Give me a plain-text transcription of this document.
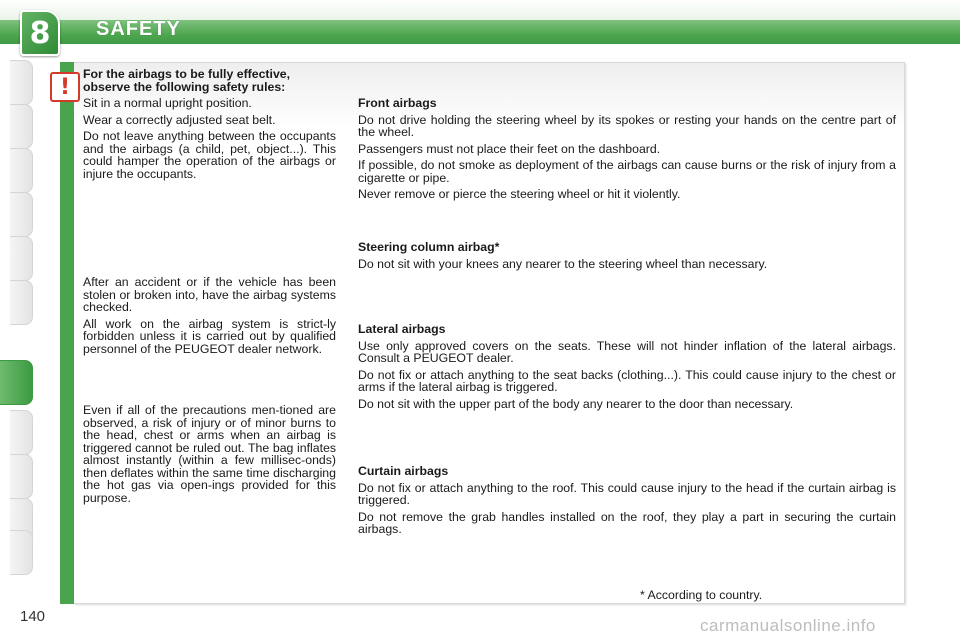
8	SAFETY
!

For the airbags to be fully effective, observe the following safety rules:

Sit in a normal upright position.

Wear a correctly adjusted seat belt.

Do not leave anything between the occupants and the airbags (a child, pet, object...). This could hamper the operation of the airbags or injure the occupants.

After an accident or if the vehicle has been stolen or broken into, have the airbag systems checked.

All work on the airbag system is strict-ly forbidden unless it is carried out by qualified personnel of the PEUGEOT dealer network.

Even if all of the precautions men-tioned are observed, a risk of injury or of minor burns to the head, chest or arms when an airbag is triggered cannot be ruled out. The bag inflates almost instantly (within a few millisec-onds) then deflates within the same time discharging the hot gas via open-ings provided for this purpose.

Front airbags

Do not drive holding the steering wheel by its spokes or resting your hands on the centre part of the wheel.

Passengers must not place their feet on the dashboard.

If possible, do not smoke as deployment of the airbags can cause burns or the risk of injury from a cigarette or pipe.

Never remove or pierce the steering wheel or hit it violently.

Steering column airbag*

Do not sit with your knees any nearer to the steering wheel than necessary.

Lateral airbags

Use only approved covers on the seats. These will not hinder inflation of the lateral airbags. Consult a PEUGEOT dealer.

Do not fix or attach anything to the seat backs (clothing...). This could cause injury to the chest or arms if the lateral airbag is triggered.

Do not sit with the upper part of the body any nearer to the door than necessary.

Curtain airbags

Do not fix or attach anything to the roof. This could cause injury to the head if the curtain airbag is triggered.

Do not remove the grab handles installed on the roof, they play a part in securing the curtain airbags.

* According to country.
140	carmanualsonline.info
